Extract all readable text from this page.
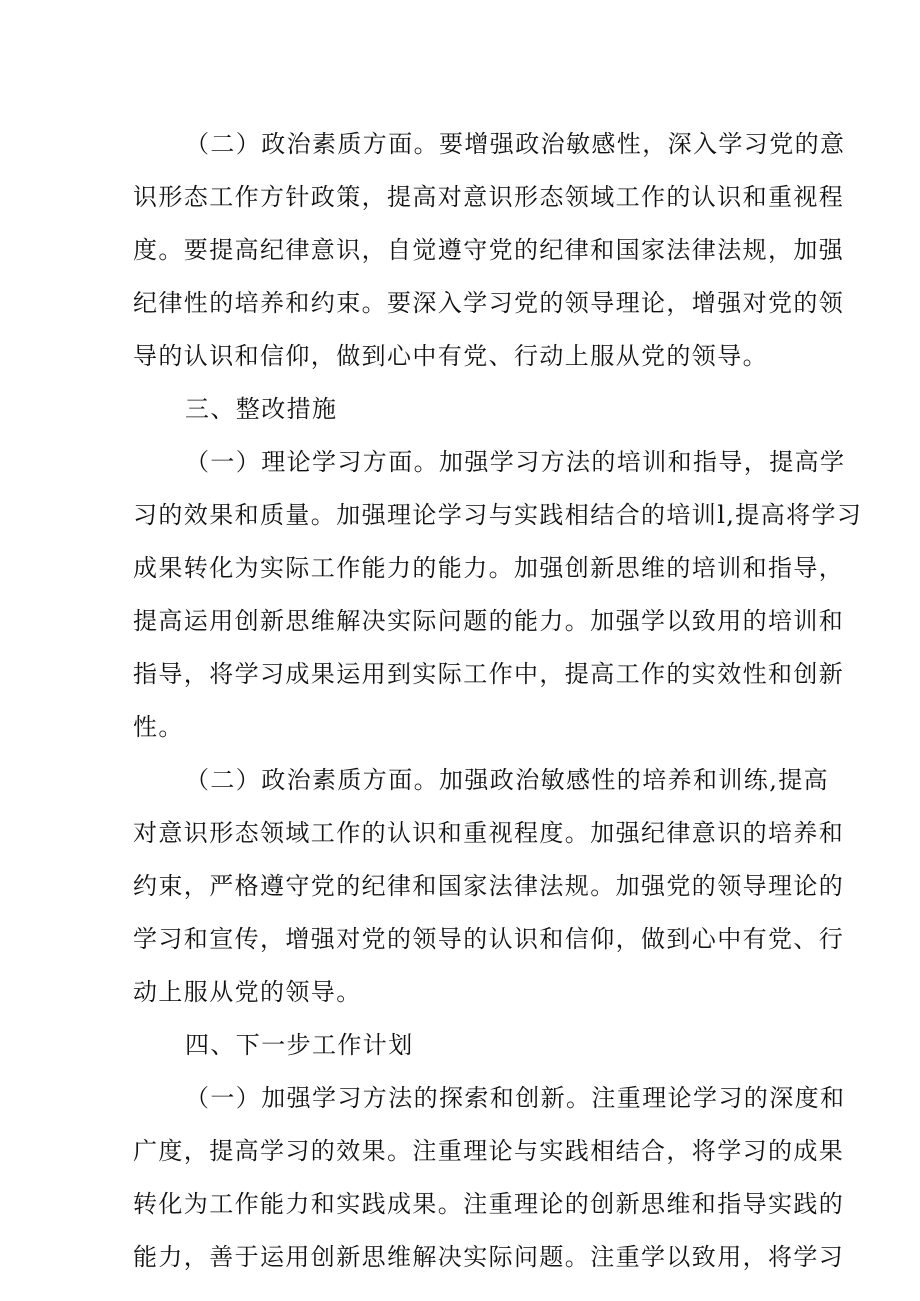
（二）政治素质方面。要增强政治敏感性，深入学习党的意
识形态工作方针政策，提高对意识形态领域工作的认识和重视程
度。要提高纪律意识，自觉遵守党的纪律和国家法律法规，加强
纪律性的培养和约束。要深入学习党的领导理论，增强对党的领
导的认识和信仰，做到心中有党、行动上服从党的领导。
三、整改措施
（一）理论学习方面。加强学习方法的培训和指导，提高学
习的效果和质量。加强理论学习与实践相结合的培训l,提高将学习
成果转化为实际工作能力的能力。加强创新思维的培训和指导，
提高运用创新思维解决实际问题的能力。加强学以致用的培训和
指导，将学习成果运用到实际工作中，提高工作的实效性和创新
性。
（二）政治素质方面。加强政治敏感性的培养和训练,提高
对意识形态领域工作的认识和重视程度。加强纪律意识的培养和
约束，严格遵守党的纪律和国家法律法规。加强党的领导理论的
学习和宣传，增强对党的领导的认识和信仰，做到心中有党、行
动上服从党的领导。
四、下一步工作计划
（一）加强学习方法的探索和创新。注重理论学习的深度和
广度，提高学习的效果。注重理论与实践相结合，将学习的成果
转化为工作能力和实践成果。注重理论的创新思维和指导实践的
能力，善于运用创新思维解决实际问题。注重学以致用，将学习
